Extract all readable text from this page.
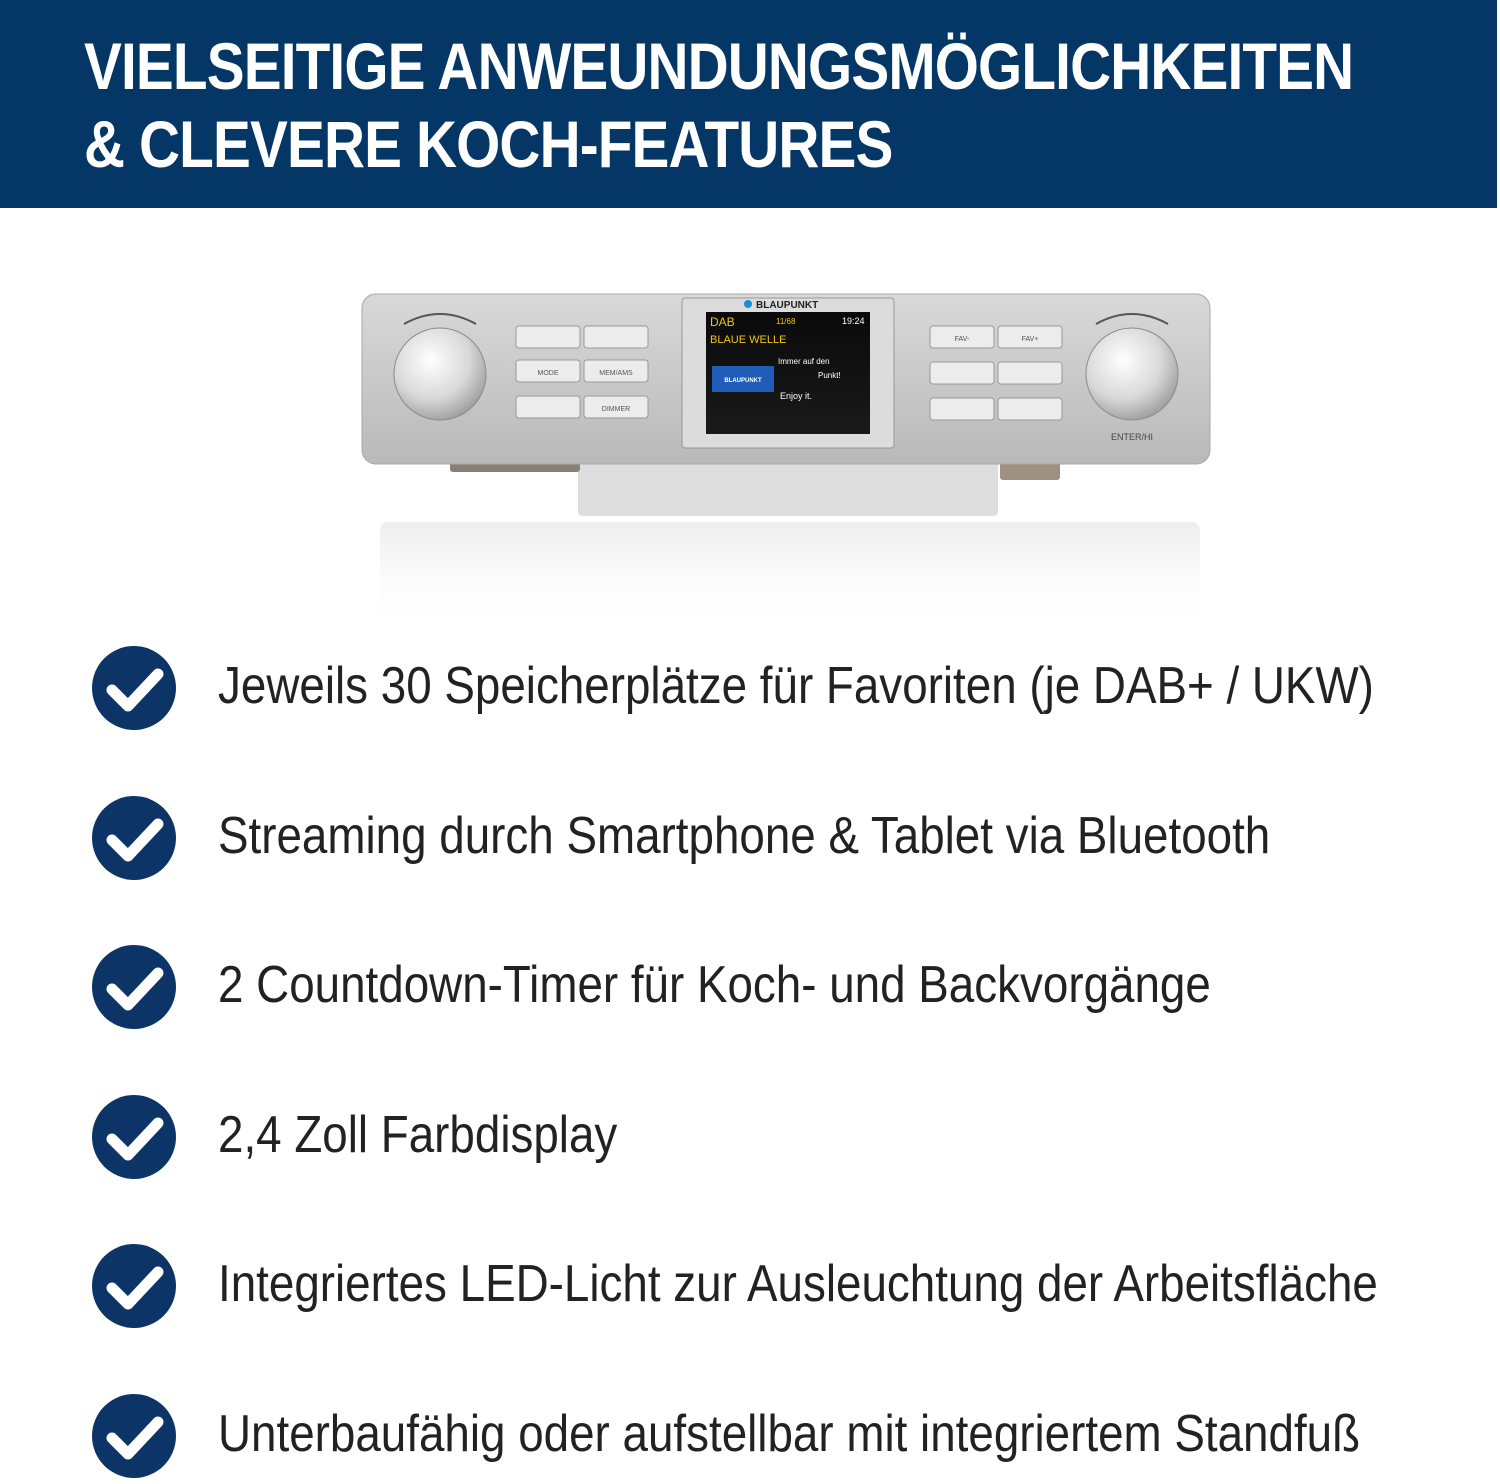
VIELSEITIGE ANWEUNDUNGSMÖGLICHKEITEN
& CLEVERE KOCH-FEATURES
ENTER/HI
MODE	MEM/AMS
DIMMER
FAV-	FAV+
BLAUPUNKT
DAB	11/68	19:24
BLAUE WELLE
BLAUPUNKT
Immer auf den
Punkt!
Enjoy it.
Jeweils 30 Speicherplätze für Favoriten (je DAB+ / UKW)
Streaming durch Smartphone & Tablet via Bluetooth
2 Countdown-Timer für Koch- und Backvorgänge
2,4 Zoll Farbdisplay
Integriertes LED-Licht zur Ausleuchtung der Arbeitsfläche
Unterbaufähig oder aufstellbar mit integriertem Standfuß
